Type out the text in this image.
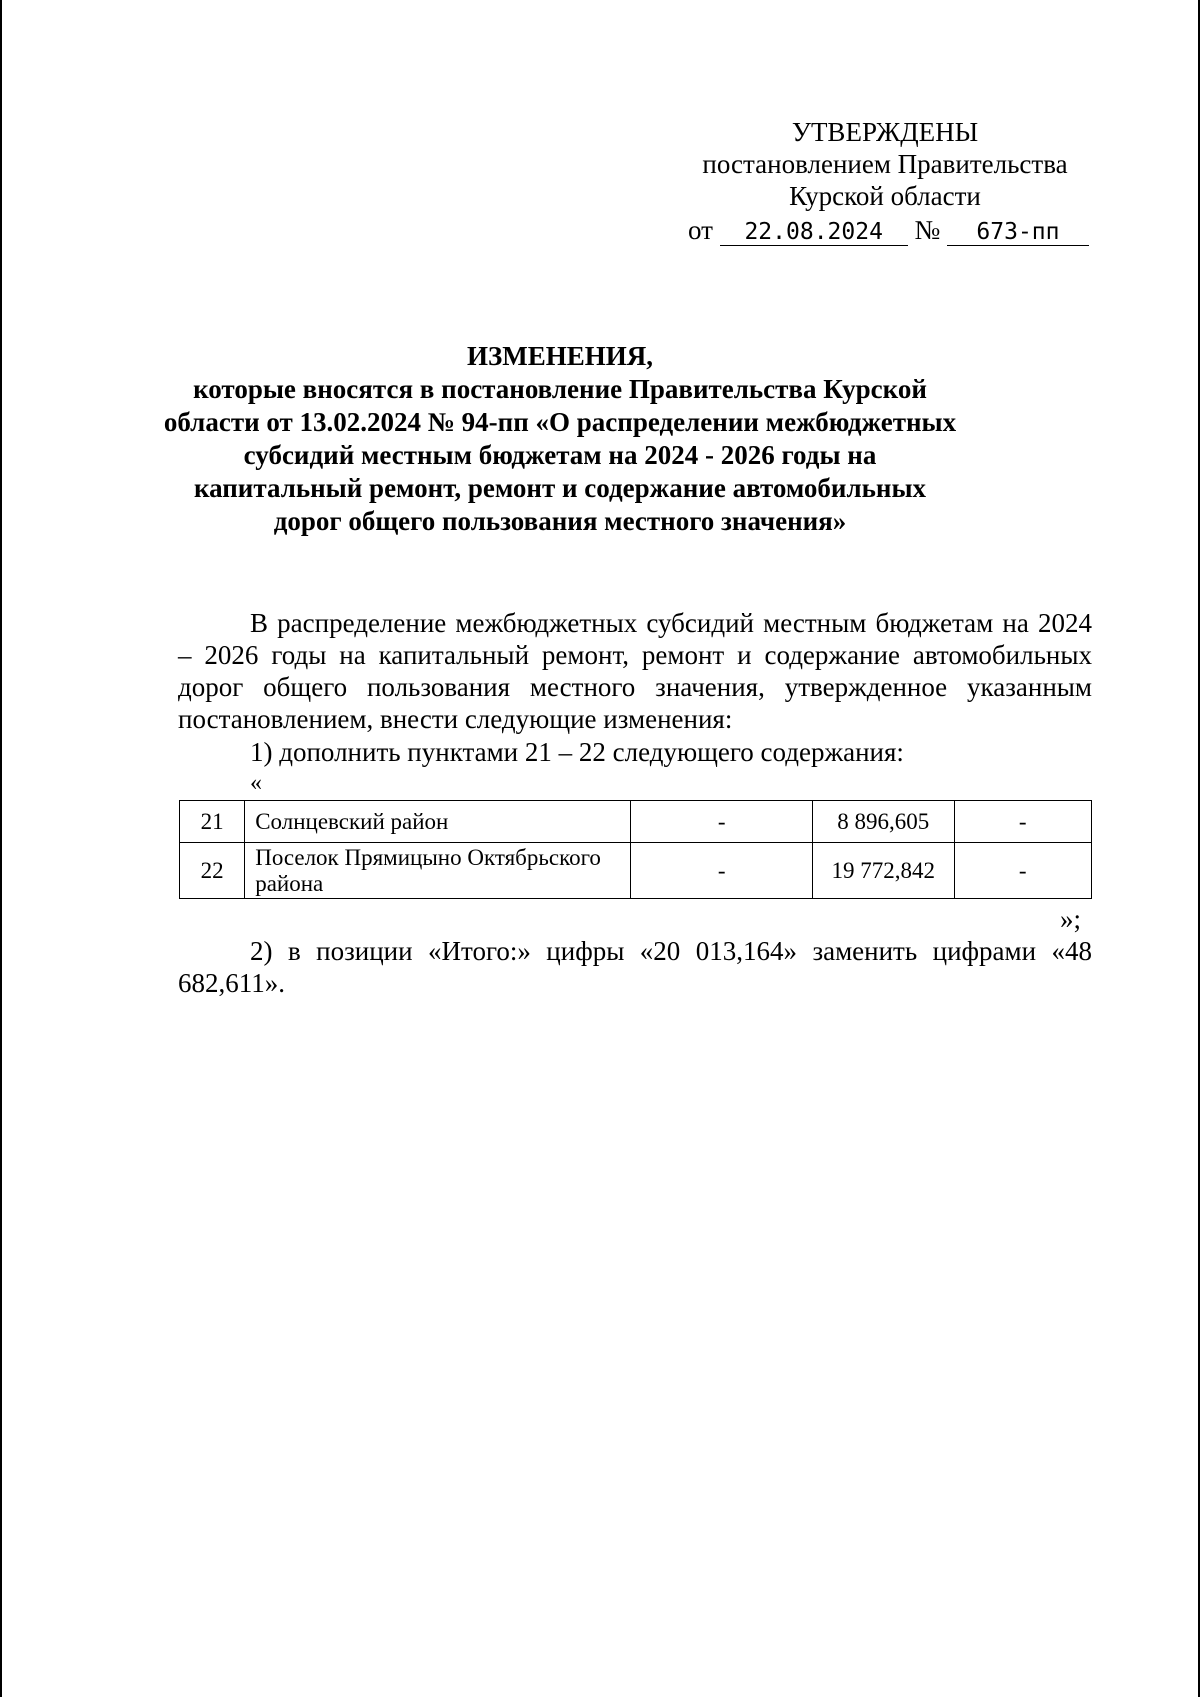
УТВЕРЖДЕНЫ
постановлением Правительства
Курской области
от 22.08.2024 № 673-пп
ИЗМЕНЕНИЯ,
которые вносятся в постановление Правительства Курской области от 13.02.2024 № 94-пп «О распределении межбюджетных субсидий местным бюджетам на 2024 - 2026 годы на капитальный ремонт, ремонт и содержание автомобильных дорог общего пользования местного значения»
В распределение межбюджетных субсидий местным бюджетам на 2024 – 2026 годы на капитальный ремонт, ремонт и содержание автомобильных дорог общего пользования местного значения, утвержденное указанным постановлением, внести следующие изменения:
1) дополнить пунктами 21 – 22 следующего содержания:
«
21	Солнцевский район	-	8 896,605	-
22	Поселок Прямицыно Октябрьского района	-	19 772,842	-
»;
2) в позиции «Итого:» цифры «20 013,164» заменить цифрами «48 682,611».
